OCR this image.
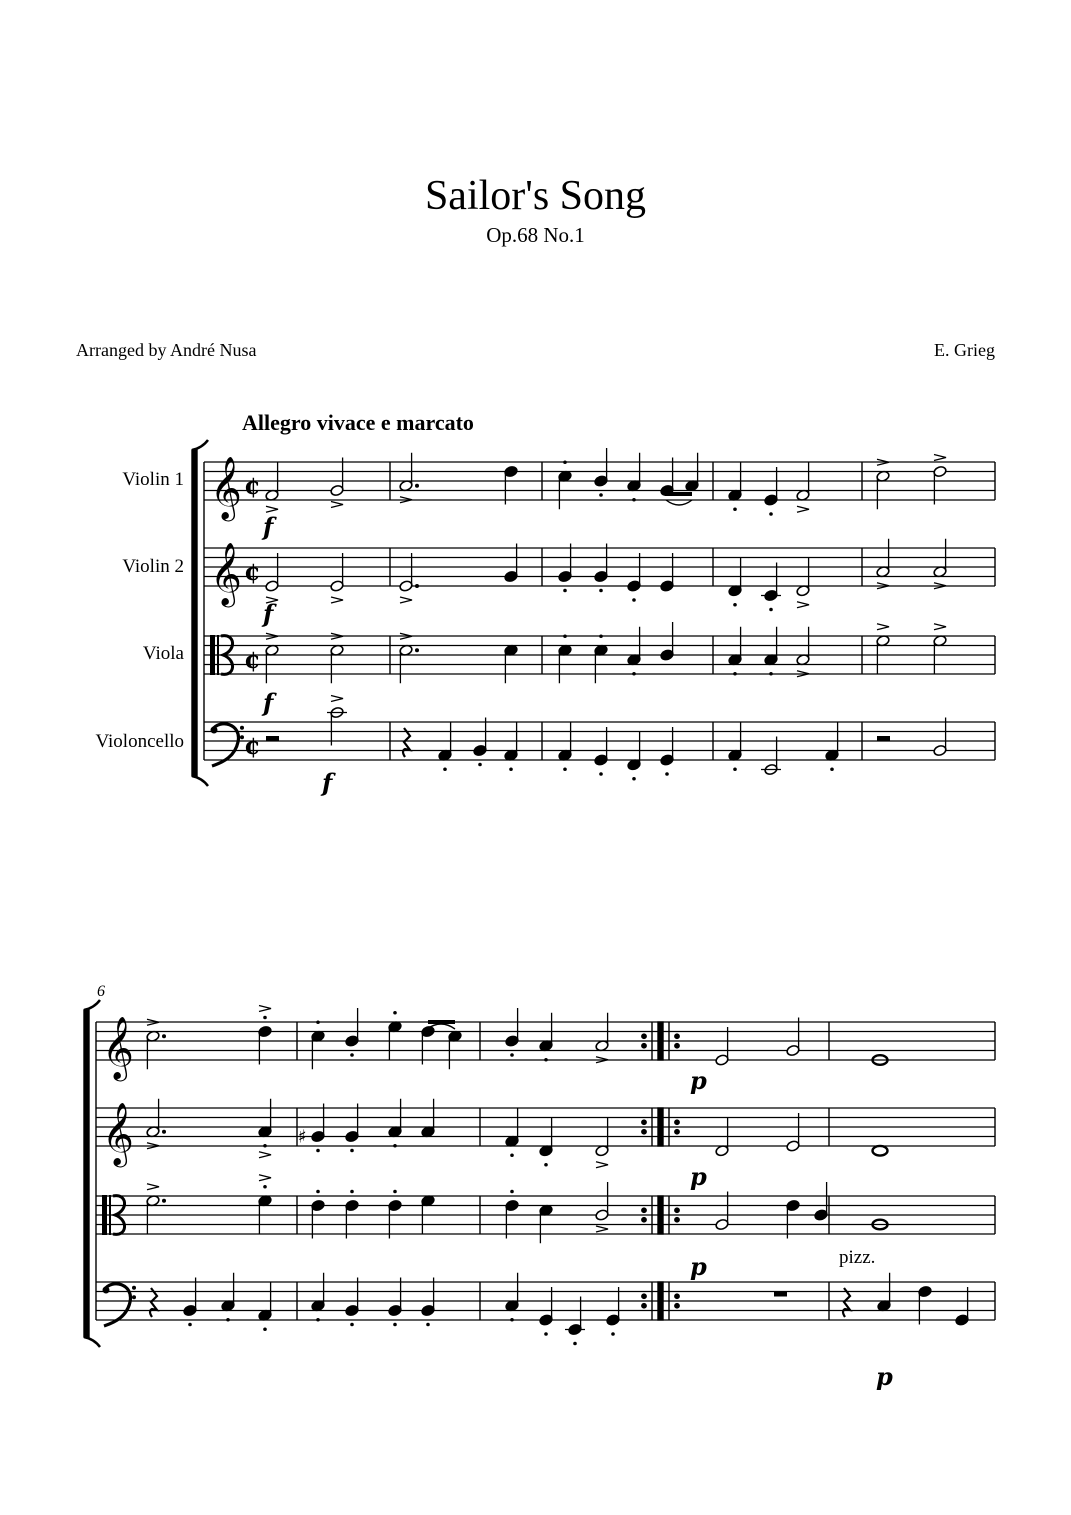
Sailor's Song
Op.68 No.1
Arranged by André Nusa	E. Grieg
Allegro vivace e marcato
Violin 1
Violin 2
Viola
Violoncello
6
pizz.
𝄞 ¢
𝄞 ¢
¢
¢
𝄞
𝄞	♯
f
f
f
f
p
p
p
p
